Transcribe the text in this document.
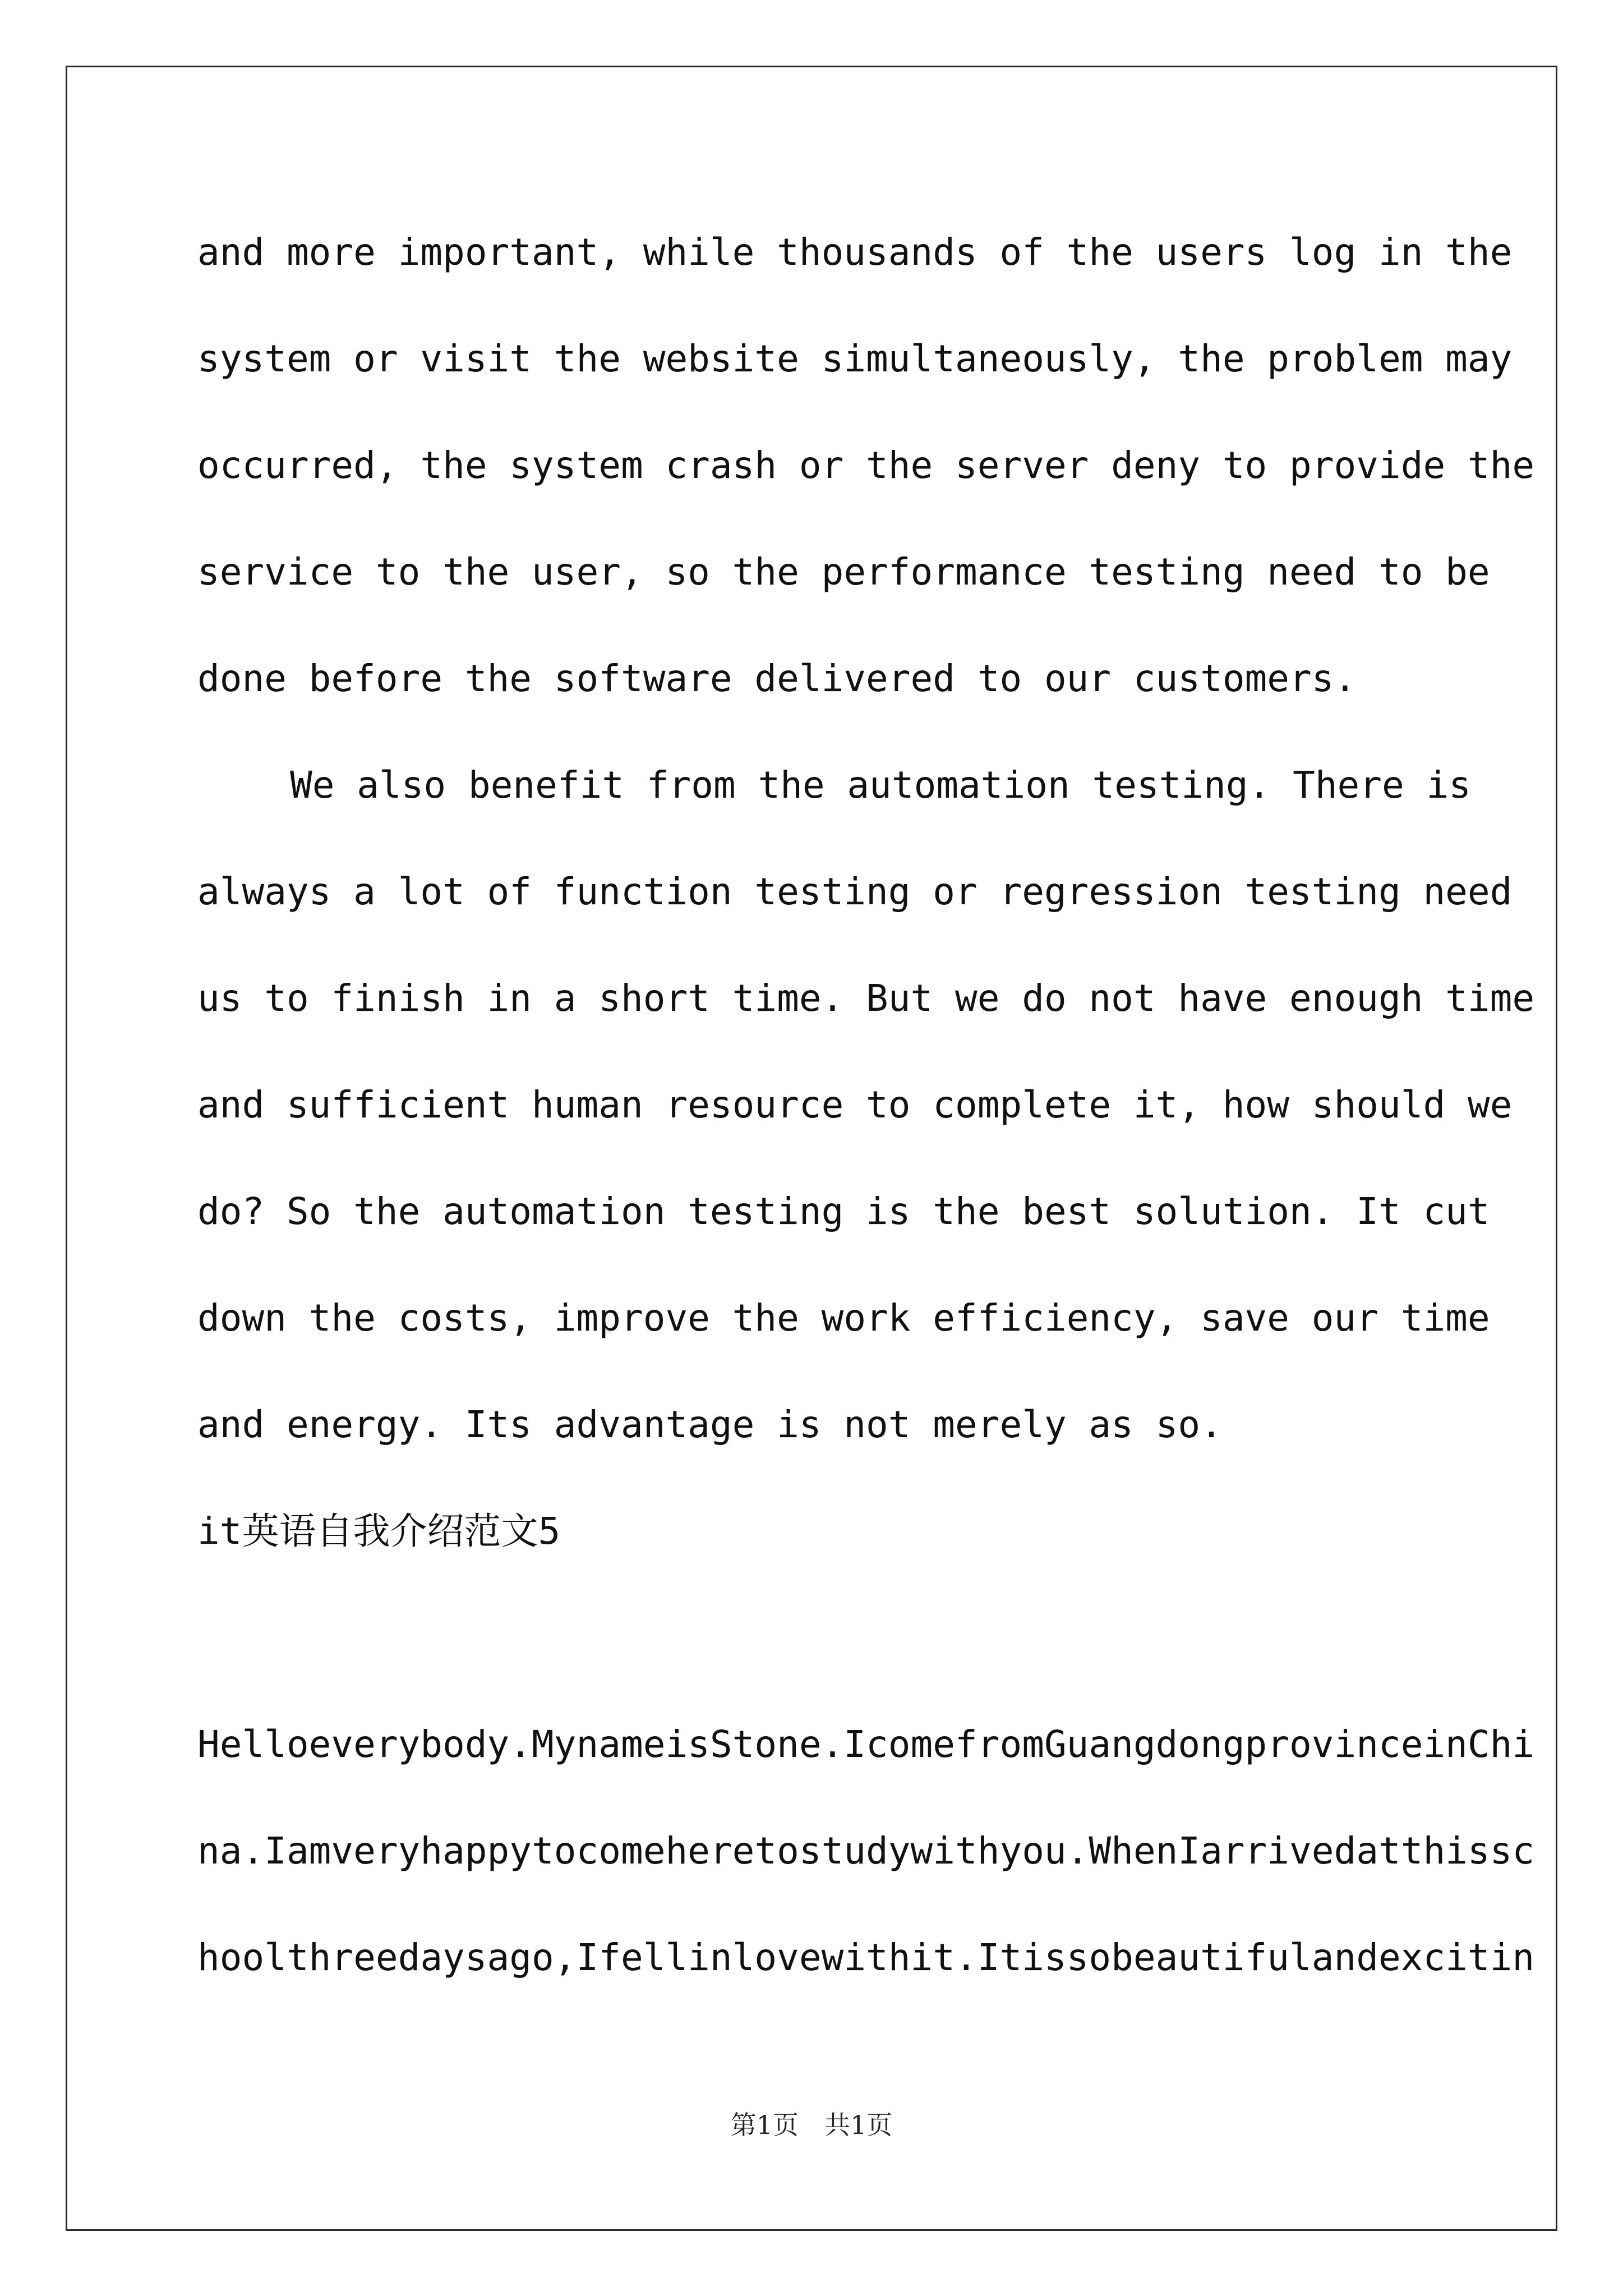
and more important, while thousands of the users log in the
system or visit the website simultaneously, the problem may
occurred, the system crash or the server deny to provide the
service to the user, so the performance testing need to be
done before the software delivered to our customers.
We also benefit from the automation testing. There is
always a lot of function testing or regression testing need
us to finish in a short time. But we do not have enough time
and sufficient human resource to complete it, how should we
do? So the automation testing is the best solution. It cut
down the costs, improve the work efficiency, save our time
and energy. Its advantage is not merely as so.
it英语自我介绍范文5
Helloeverybody.MynameisStone.IcomefromGuangdongprovinceinChi
na.Iamveryhappytocomeheretostudywithyou.WhenIarrivedatthissc
hoolthreedaysago,Ifellinlovewithit.Itissobeautifulandexcitin
第1页　共1页
